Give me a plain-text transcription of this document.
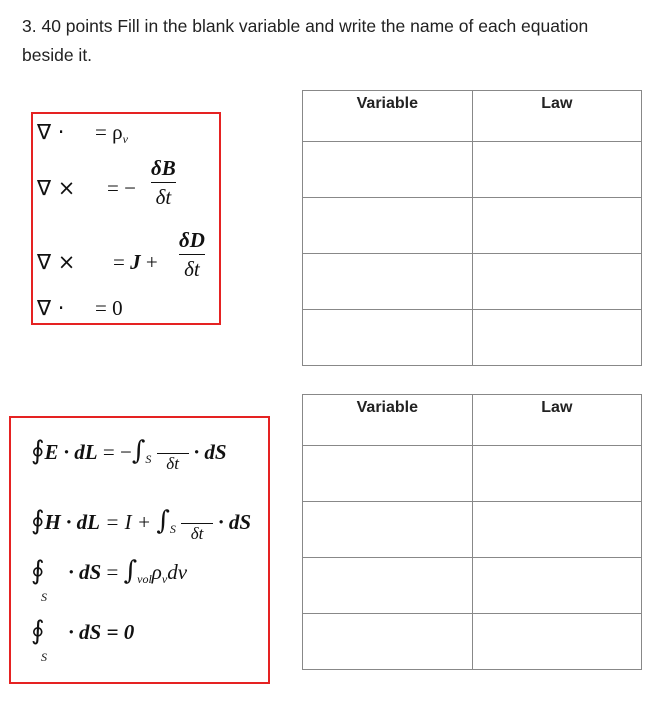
3. 40 points Fill in the blank variable and write the name of each equation beside it.
∇ · = $\rho_v$
∇ × = −
δB
δt
∇ × = J +
δD
δt
∇ · = 0
∮E · dL = $-\int_S$ δt · dS
∮H · dL = $I + \int_S$ δt · dS
∮ · dS = $\int_{vol}\rho_vdv$
S
∮ · dS = 0
S
Variable	Law

Variable	Law
